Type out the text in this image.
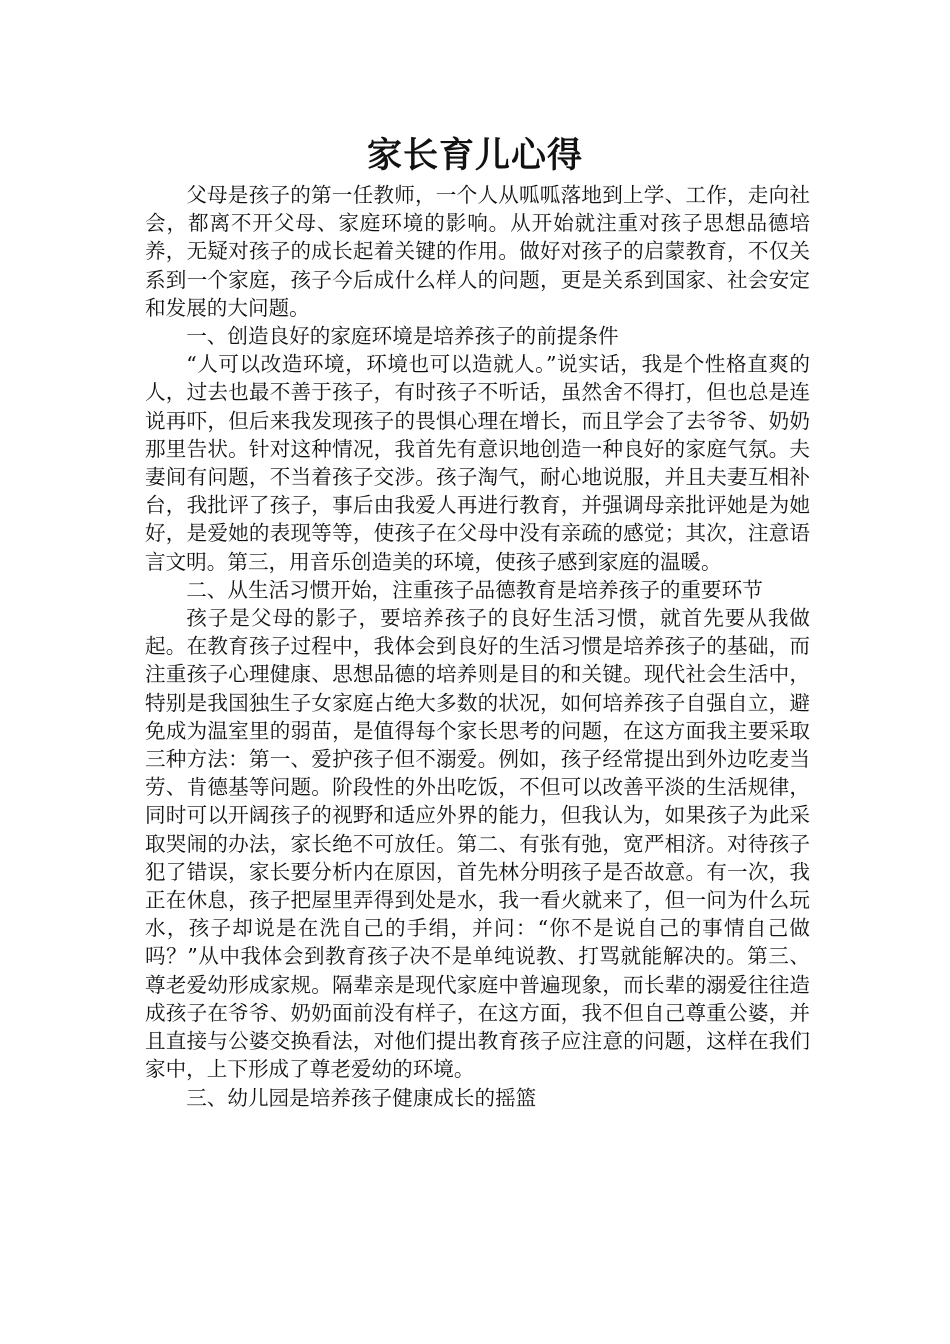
家长育儿心得

父母是孩子的第一任教师，一个人从呱呱落地到上学、工作，走向社会，都离不开父母、家庭环境的影响。从开始就注重对孩子思想品德培养，无疑对孩子的成长起着关键的作用。做好对孩子的启蒙教育，不仅关系到一个家庭，孩子今后成什么样人的问题，更是关系到国家、社会安定和发展的大问题。

一、创造良好的家庭环境是培养孩子的前提条件

“人可以改造环境，环境也可以造就人。”说实话，我是个性格直爽的人，过去也最不善于孩子，有时孩子不听话，虽然舍不得打，但也总是连说再吓，但后来我发现孩子的畏惧心理在增长，而且学会了去爷爷、奶奶那里告状。针对这种情况，我首先有意识地创造一种良好的家庭气氛。夫妻间有问题，不当着孩子交涉。孩子淘气，耐心地说服，并且夫妻互相补台，我批评了孩子，事后由我爱人再进行教育，并强调母亲批评她是为她好，是爱她的表现等等，使孩子在父母中没有亲疏的感觉；其次，注意语言文明。第三，用音乐创造美的环境，使孩子感到家庭的温暖。

二、从生活习惯开始，注重孩子品德教育是培养孩子的重要环节

孩子是父母的影子，要培养孩子的良好生活习惯，就首先要从我做起。在教育孩子过程中，我体会到良好的生活习惯是培养孩子的基础，而注重孩子心理健康、思想品德的培养则是目的和关键。现代社会生活中，特别是我国独生子女家庭占绝大多数的状况，如何培养孩子自强自立，避免成为温室里的弱苗，是值得每个家长思考的问题，在这方面我主要采取三种方法：第一、爱护孩子但不溺爱。例如，孩子经常提出到外边吃麦当劳、肯德基等问题。阶段性的外出吃饭，不但可以改善平淡的生活规律，同时可以开阔孩子的视野和适应外界的能力，但我认为，如果孩子为此采取哭闹的办法，家长绝不可放任。第二、有张有弛，宽严相济。对待孩子犯了错误，家长要分析内在原因，首先林分明孩子是否故意。有一次，我正在休息，孩子把屋里弄得到处是水，我一看火就来了，但一问为什么玩水，孩子却说是在洗自己的手绢，并问：“你不是说自己的事情自己做吗？”从中我体会到教育孩子决不是单纯说教、打骂就能解决的。第三、尊老爱幼形成家规。隔辈亲是现代家庭中普遍现象，而长辈的溺爱往往造成孩子在爷爷、奶奶面前没有样子，在这方面，我不但自己尊重公婆，并且直接与公婆交换看法，对他们提出教育孩子应注意的问题，这样在我们家中，上下形成了尊老爱幼的环境。

三、幼儿园是培养孩子健康成长的摇篮
